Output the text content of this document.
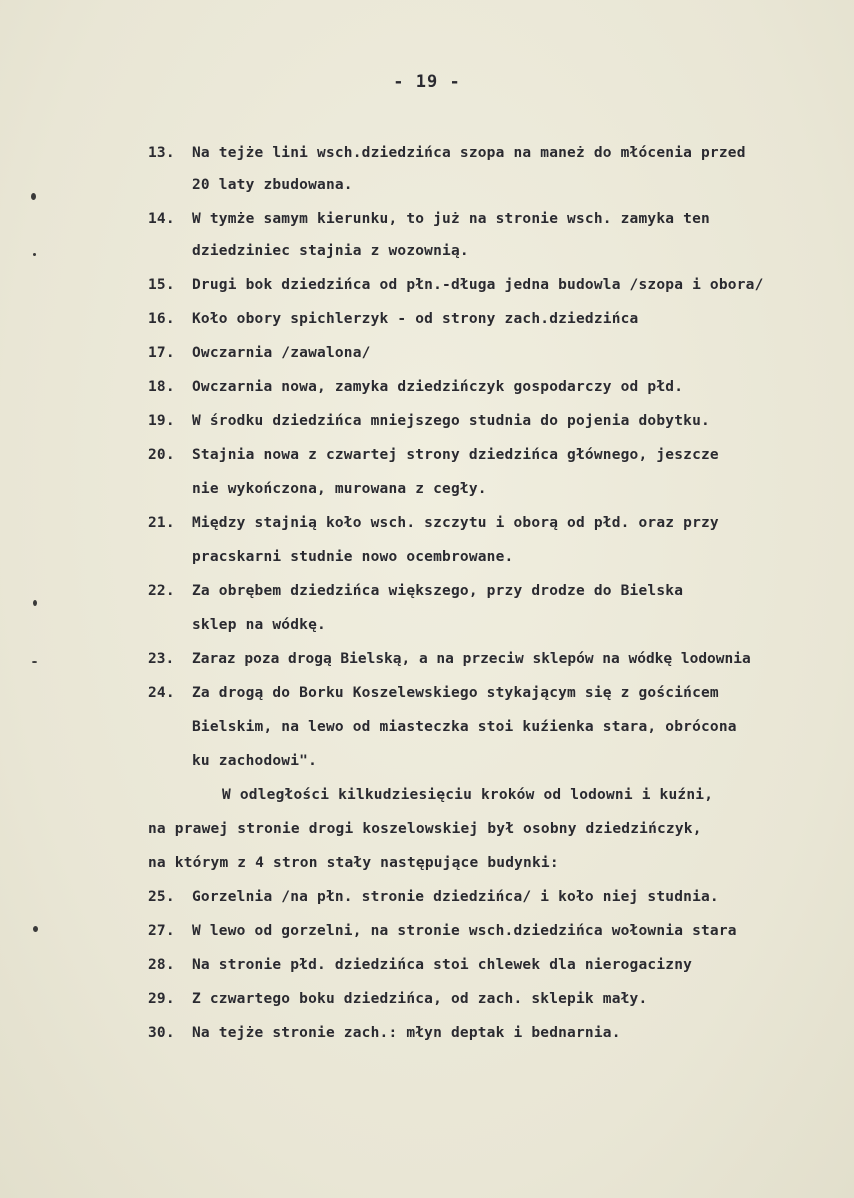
- 19 -
13. Na tejże lini wsch.dziedzińca szopa na maneż do młócenia przed
20 laty zbudowana.
14. W tymże samym kierunku, to już na stronie wsch. zamyka ten
dziedziniec stajnia z wozownią.
15. Drugi bok dziedzińca od płn.-długa jedna budowla /szopa i obora/
16. Koło obory spichlerzyk - od strony zach.dziedzińca
17. Owczarnia /zawalona/
18. Owczarnia nowa, zamyka dziedzińczyk gospodarczy od płd.
19. W środku dziedzińca mniejszego studnia do pojenia dobytku.
20. Stajnia nowa z czwartej strony dziedzińca głównego, jeszcze
nie wykończona, murowana z cegły.
21. Między stajnią koło wsch. szczytu i oborą od płd. oraz przy
pracskarni studnie nowo ocembrowane.
22. Za obrębem dziedzińca większego, przy drodze do Bielska
sklep na wódkę.
23. Zaraz poza drogą Bielską, a na przeciw sklepów na wódkę lodownia
24. Za drogą do Borku Koszelewskiego stykającym się z gościńcem
Bielskim, na lewo od miasteczka stoi kuźienka stara, obrócona
ku zachodowi".
W odległości kilkudziesięciu kroków od lodowni i kuźni,
na prawej stronie drogi koszelowskiej był osobny dziedzińczyk,
na którym z 4 stron stały następujące budynki:
25. Gorzelnia /na płn. stronie dziedzińca/ i koło niej studnia.
27. W lewo od gorzelni, na stronie wsch.dziedzińca wołownia stara
28. Na stronie płd. dziedzińca stoi chlewek dla nierogacizny
29. Z czwartego boku dziedzińca, od zach. sklepik mały.
30. Na tejże stronie zach.: młyn deptak i bednarnia.
